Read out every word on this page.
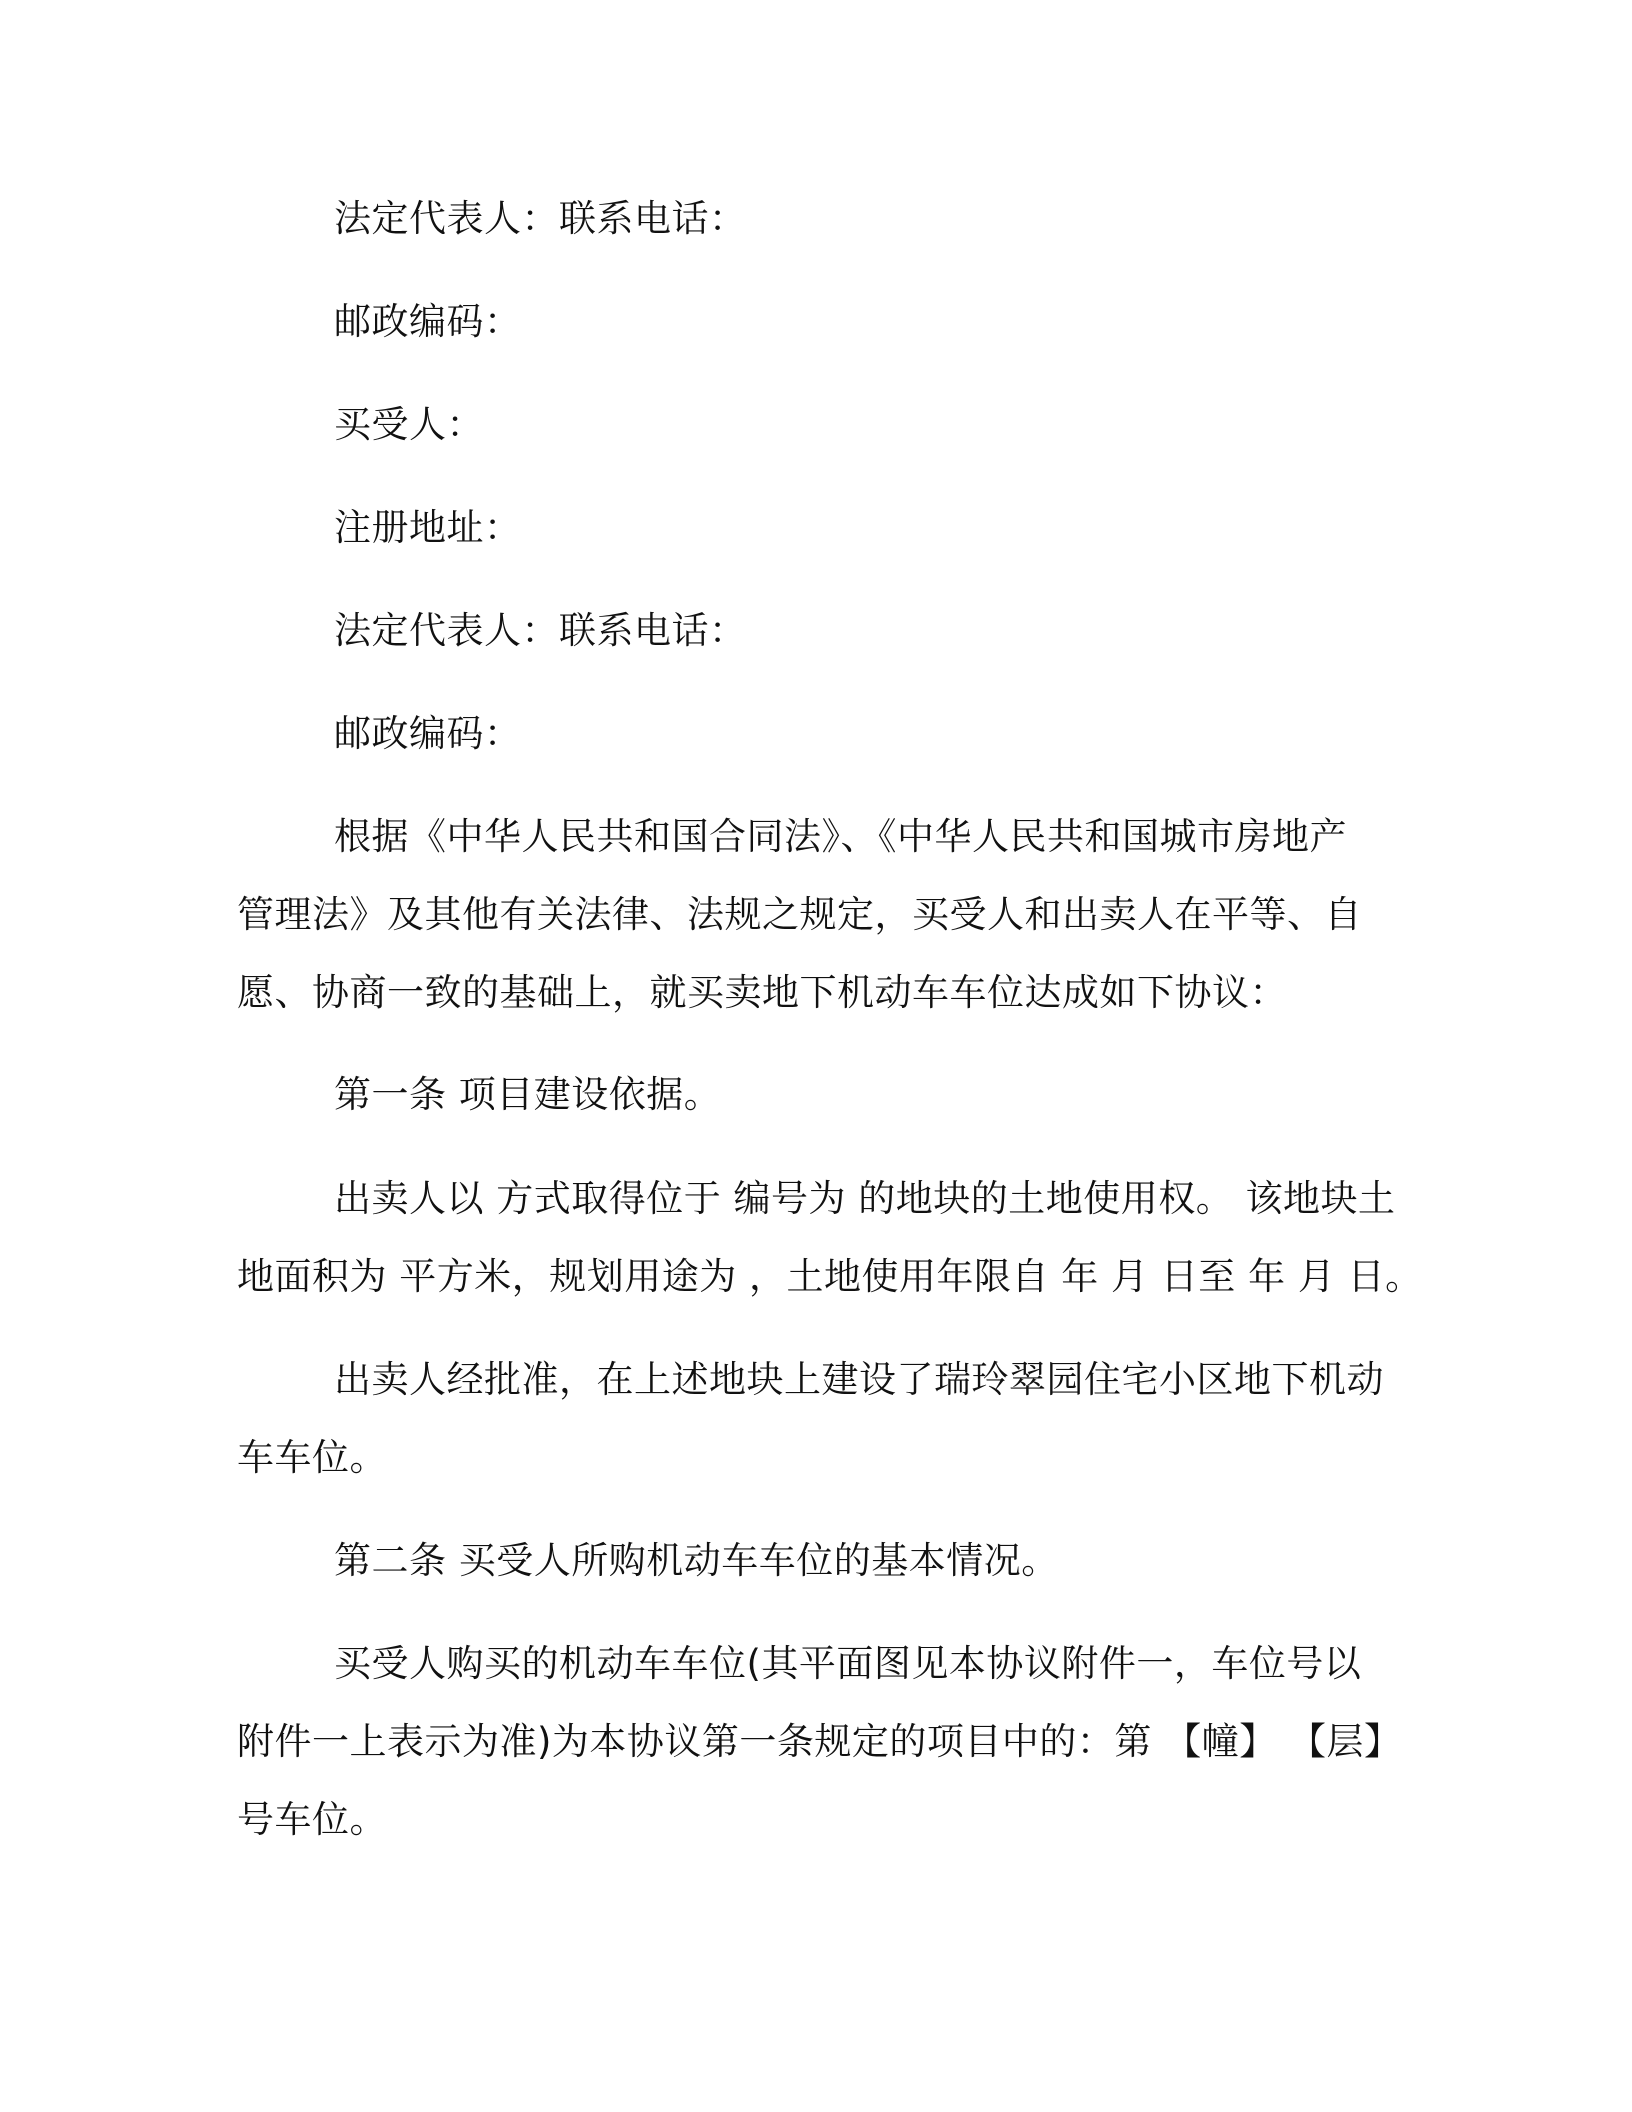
法定代表人：联系电话：
邮政编码：
买受人：
注册地址：
法定代表人：联系电话：
邮政编码：
根据《中华人民共和国合同法》、《中华人民共和国城市房地产
管理法》及其他有关法律、法规之规定，买受人和出卖人在平等、自
愿、协商一致的基础上，就买卖地下机动车车位达成如下协议：
第一条 项目建设依据。
出卖人以 方式取得位于 编号为 的地块的土地使用权。 该地块土
地面积为 平方米，规划用途为 ，土地使用年限自 年 月 日至 年 月 日。
出卖人经批准，在上述地块上建设了瑞玲翠园住宅小区地下机动
车车位。
第二条 买受人所购机动车车位的基本情况。
买受人购买的机动车车位(其平面图见本协议附件一，车位号以
附件一上表示为准)为本协议第一条规定的项目中的：第 【幢】 【层】
号车位。
